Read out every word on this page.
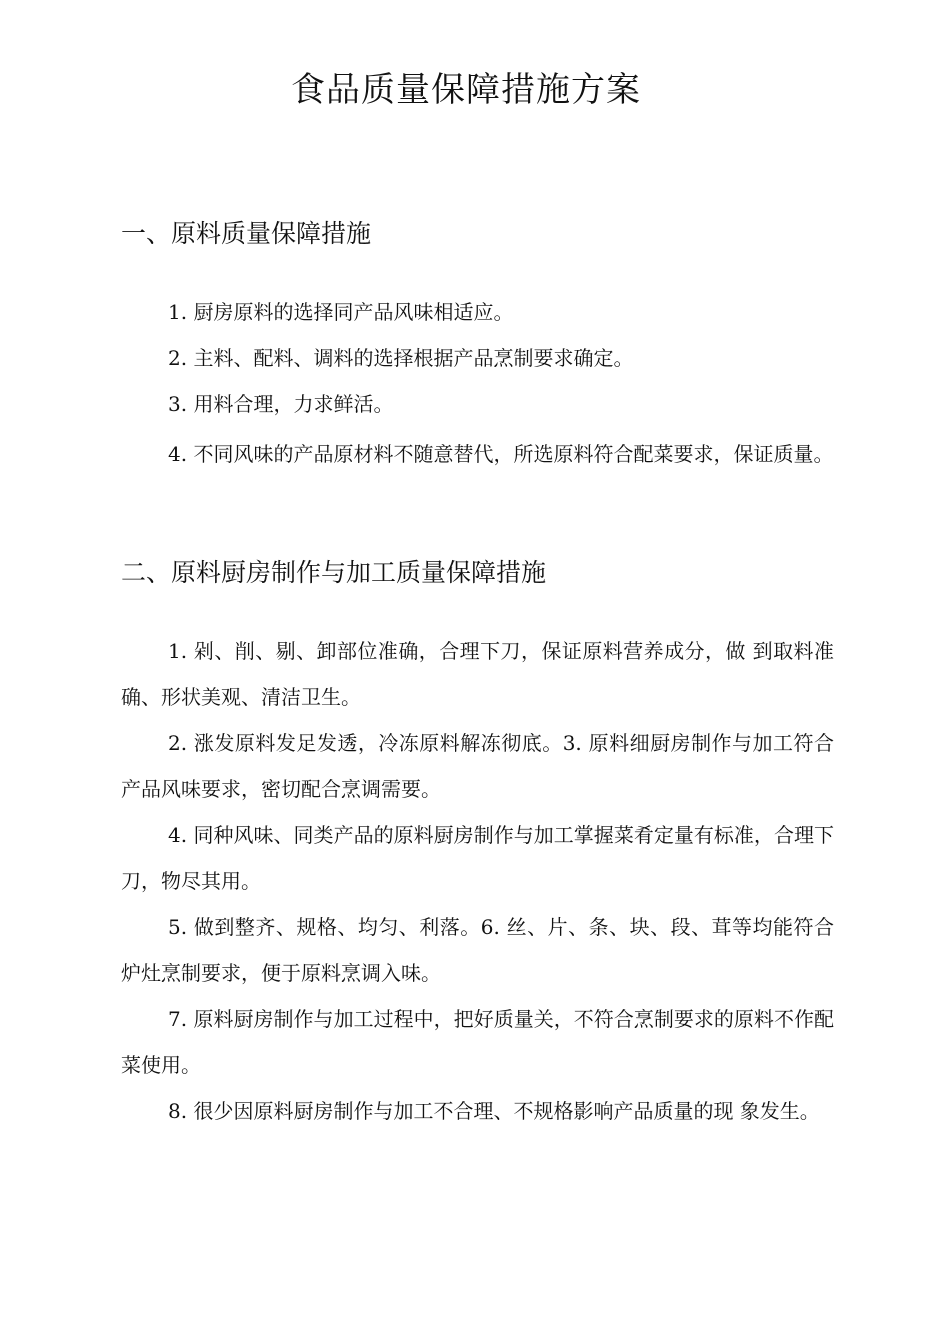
食品质量保障措施方案
一、原料质量保障措施

1. 厨房原料的选择同产品风味相适应。

2. 主料、配料、调料的选择根据产品烹制要求确定。

3. 用料合理，力求鲜活。

4. 不同风味的产品原材料不随意替代，所选原料符合配菜要求，保证质量。

二、原料厨房制作与加工质量保障措施

1. 剁、削、剔、卸部位准确，合理下刀，保证原料营养成分，做 到取料准确、形状美观、清洁卫生。

2. 涨发原料发足发透，冷冻原料解冻彻底。3. 原料细厨房制作与加工符合产品风味要求，密切配合烹调需要。

4. 同种风味、同类产品的原料厨房制作与加工掌握菜肴定量有标准，合理下刀，物尽其用。

5. 做到整齐、规格、均匀、利落。6. 丝、片、条、块、段、茸等均能符合炉灶烹制要求，便于原料烹调入味。

7. 原料厨房制作与加工过程中，把好质量关，不符合烹制要求的原料不作配菜使用。

8. 很少因原料厨房制作与加工不合理、不规格影响产品质量的现 象发生。
